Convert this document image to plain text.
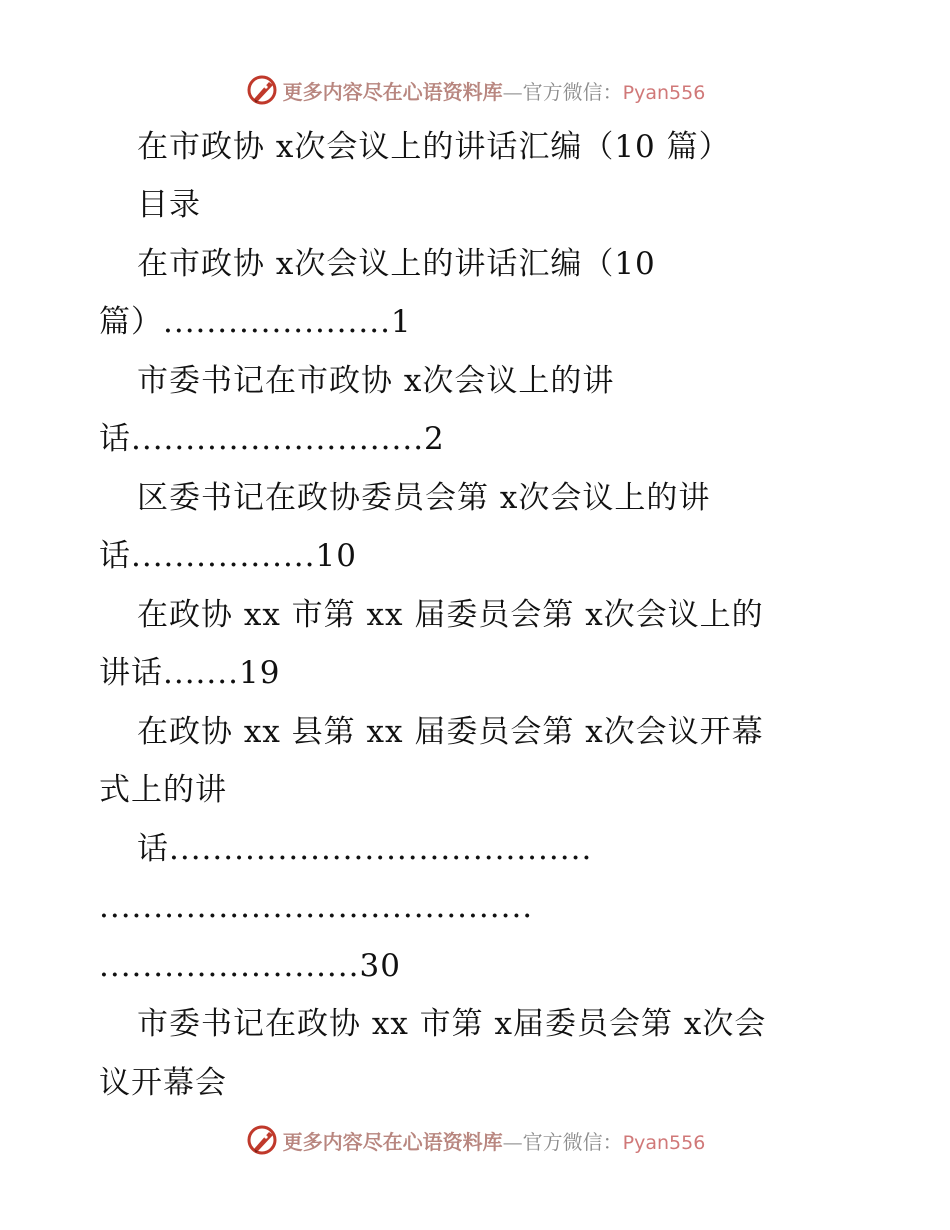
更多内容尽在心语资料库—官方微信：Pyan556
在市政协 x次会议上的讲话汇编（10 篇）
目录
在市政协 x次会议上的讲话汇编（10
篇）.....................1
市委书记在市政协 x次会议上的讲
话...........................2
区委书记在政协委员会第 x次会议上的讲
话.................10
在政协 xx 市第 xx 届委员会第 x次会议上的
讲话.......19
在政协 xx 县第 xx 届委员会第 x次会议开幕
式上的讲
话.......................................
........................................
........................30
市委书记在政协 xx 市第 x届委员会第 x次会
议开幕会
更多内容尽在心语资料库—官方微信：Pyan556
